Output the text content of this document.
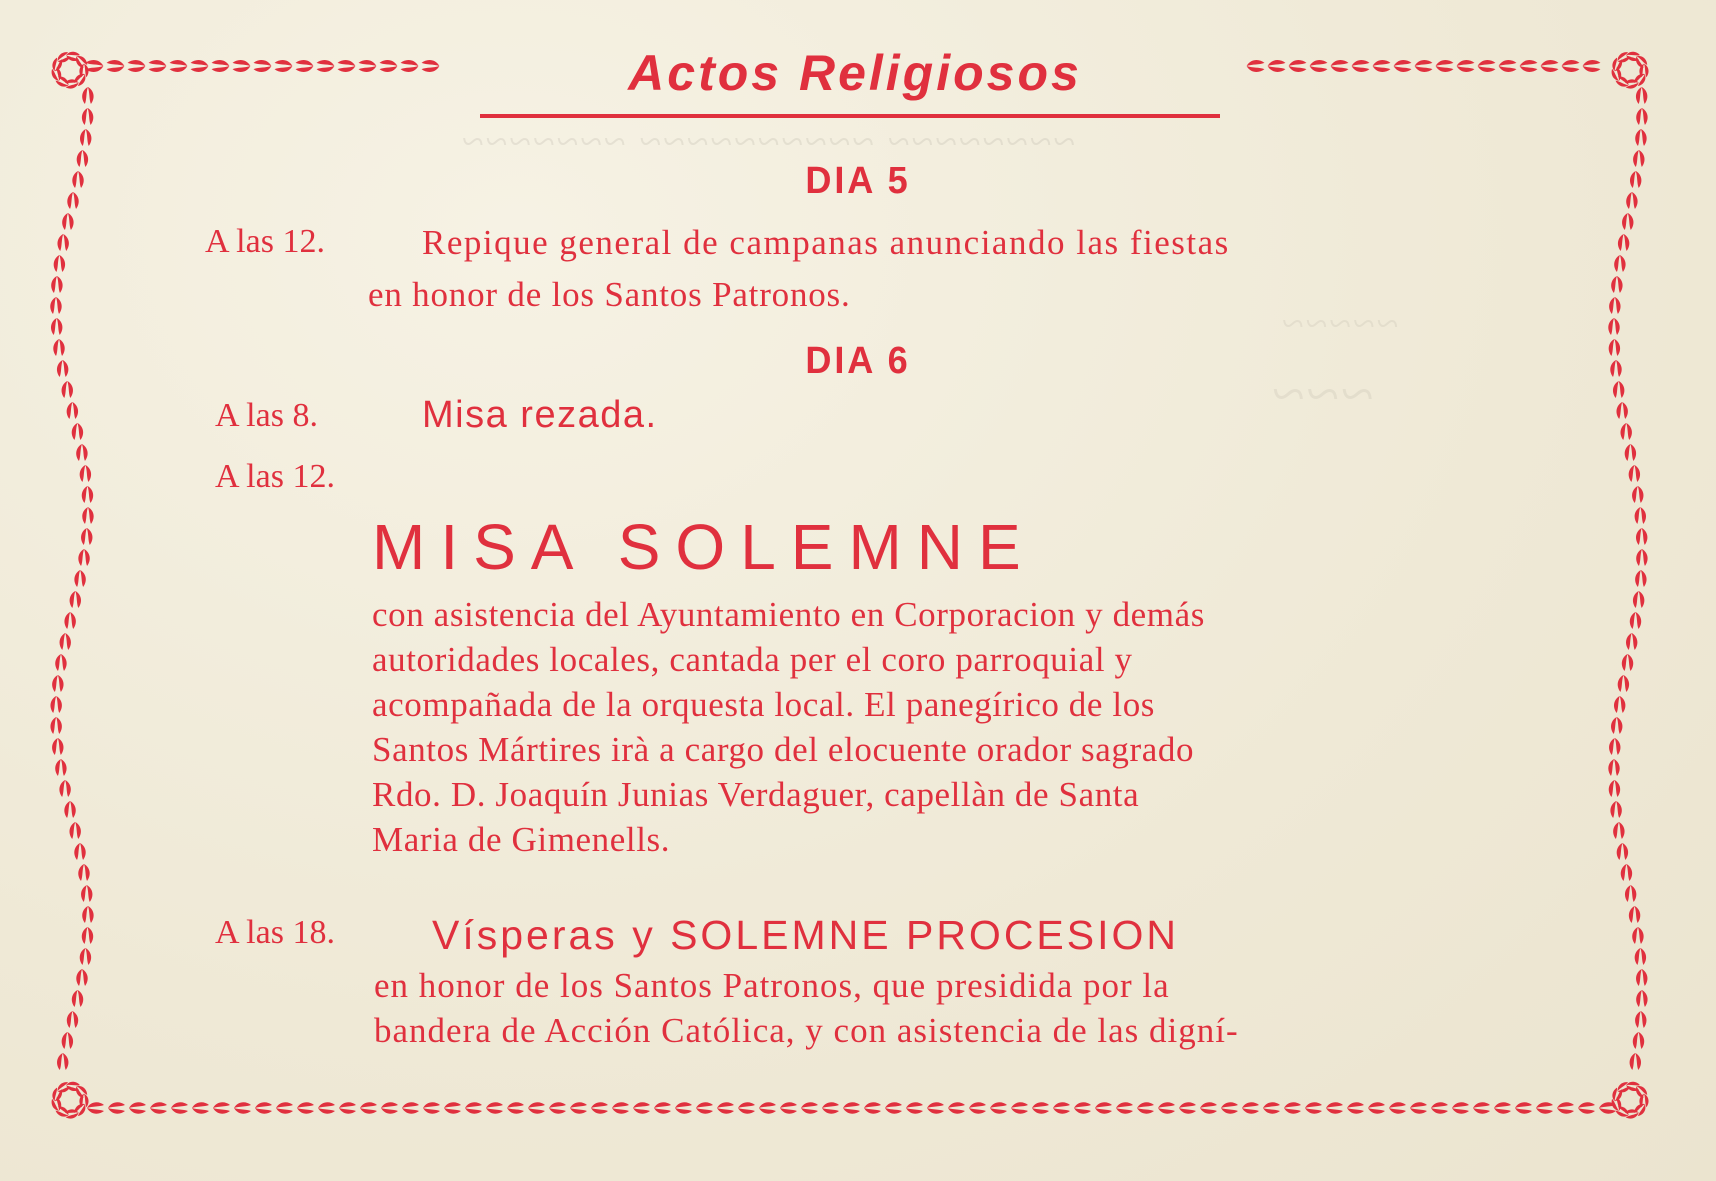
~~~~~~~~ ~~~~~~~~~~ ~~~~~~~
~~~~~
~~~
Actos Religiosos
DIA 5
A las 12.	Repique general de campanas anunciando las fiestas
en honor de los Santos Patronos.
DIA 6
A las 8.	Misa rezada.
A las 12.
MISA SOLEMNE
con asistencia del Ayuntamiento en Corporacion y demás
autoridades locales, cantada per el coro parroquial y
acompañada de la orquesta local. El panegírico de los
Santos Mártires irà a cargo del elocuente orador sagrado
Rdo. D. Joaquín Junias Verdaguer, capellàn de Santa
Maria de Gimenells.
A las 18. Vísperas y SOLEMNE PROCESION
en honor de los Santos Patronos, que presidida por la
bandera de Acción Católica, y con asistencia de las digní-
